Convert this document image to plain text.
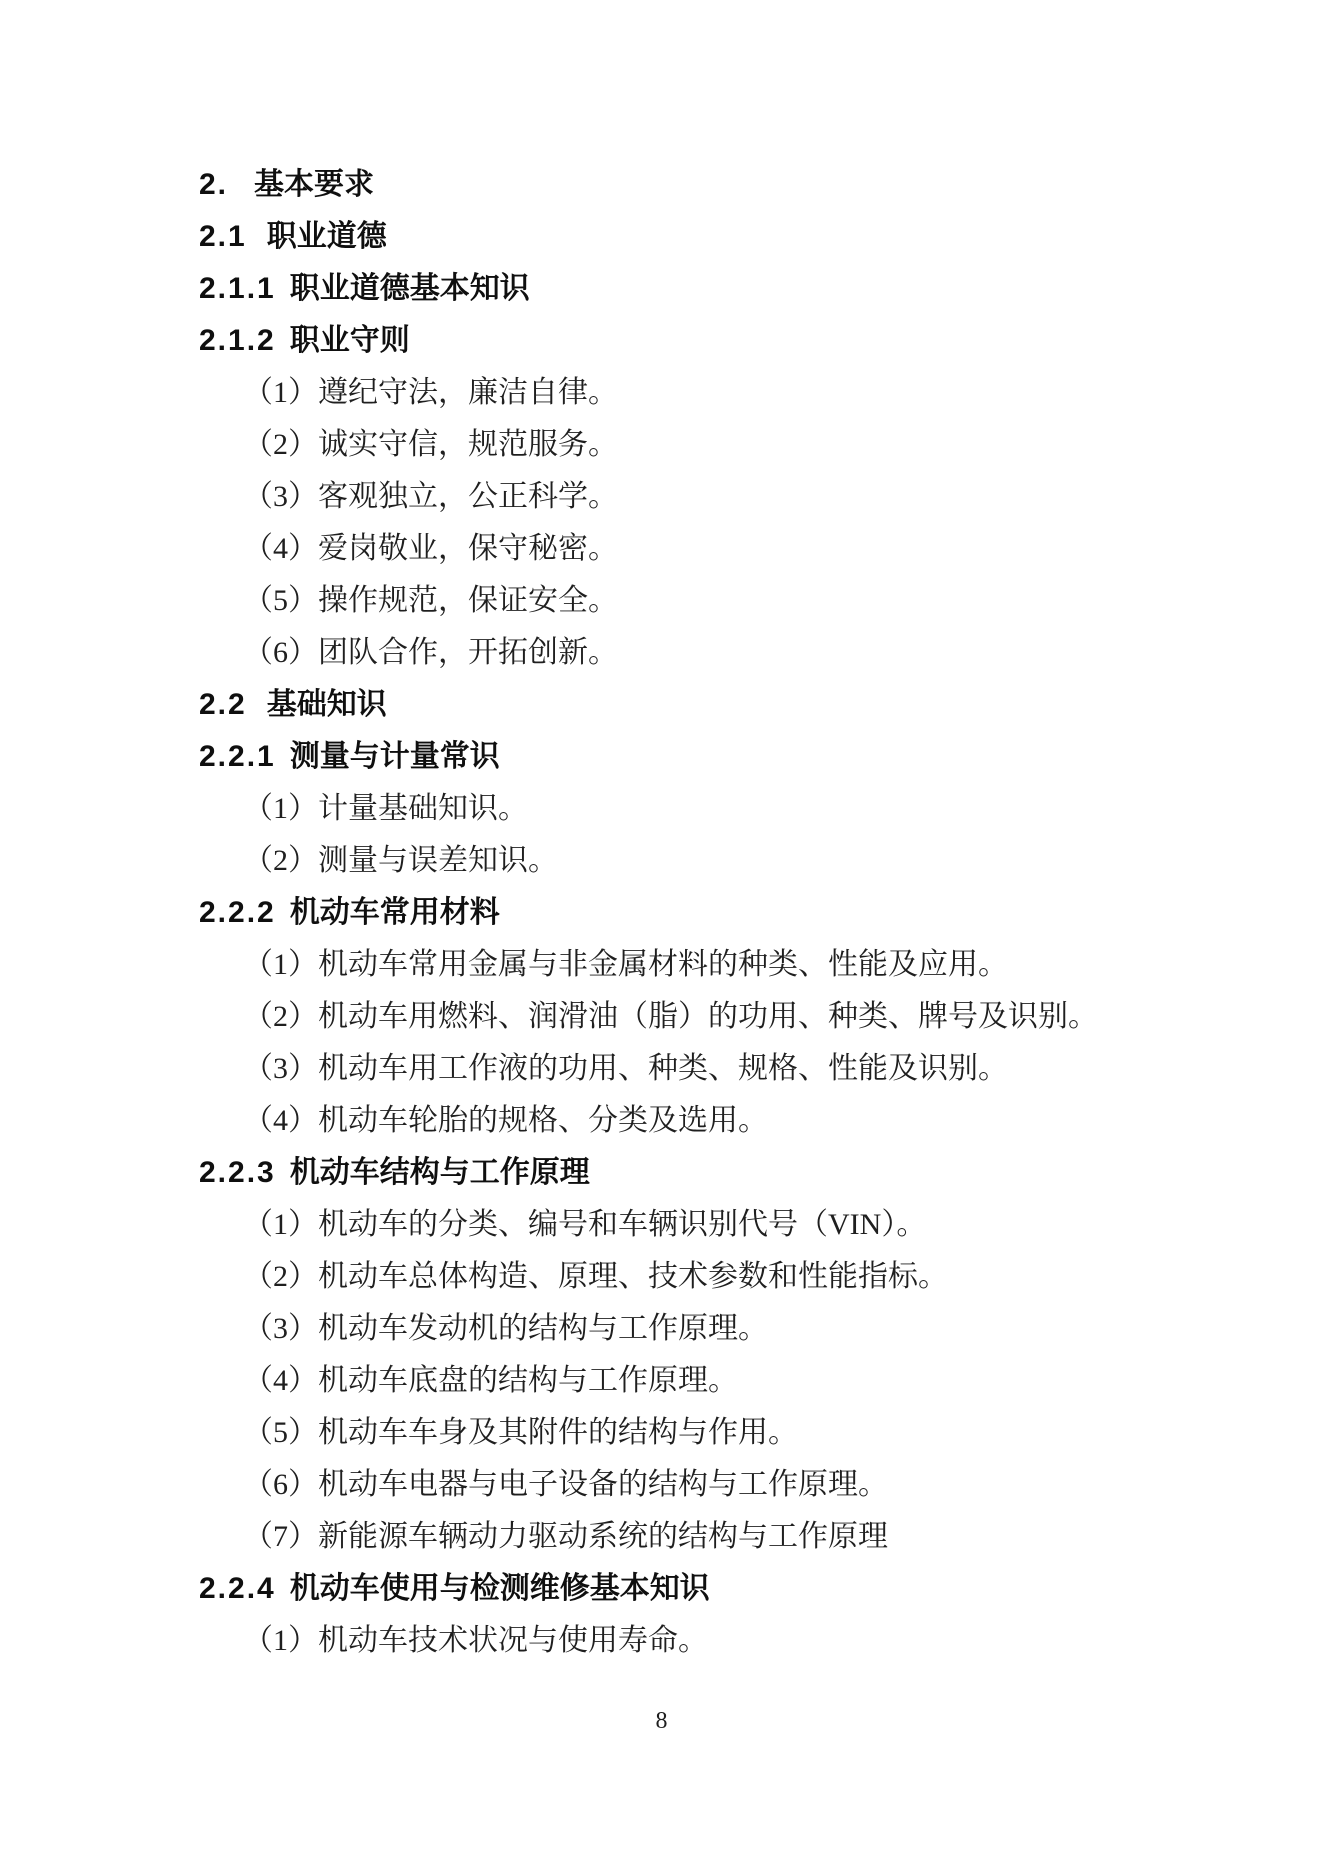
2. 基本要求
2.1 职业道德
2.1.1 职业道德基本知识
2.1.2 职业守则
（1）遵纪守法，廉洁自律。
（2）诚实守信，规范服务。
（3）客观独立，公正科学。
（4）爱岗敬业，保守秘密。
（5）操作规范，保证安全。
（6）团队合作，开拓创新。
2.2 基础知识
2.2.1 测量与计量常识
（1）计量基础知识。
（2）测量与误差知识。
2.2.2 机动车常用材料
（1）机动车常用金属与非金属材料的种类、性能及应用。
（2）机动车用燃料、润滑油（脂）的功用、种类、牌号及识别。
（3）机动车用工作液的功用、种类、规格、性能及识别。
（4）机动车轮胎的规格、分类及选用。
2.2.3 机动车结构与工作原理
（1）机动车的分类、编号和车辆识别代号（VIN）。
（2）机动车总体构造、原理、技术参数和性能指标。
（3）机动车发动机的结构与工作原理。
（4）机动车底盘的结构与工作原理。
（5）机动车车身及其附件的结构与作用。
（6）机动车电器与电子设备的结构与工作原理。
（7）新能源车辆动力驱动系统的结构与工作原理
2.2.4 机动车使用与检测维修基本知识
（1）机动车技术状况与使用寿命。
8
